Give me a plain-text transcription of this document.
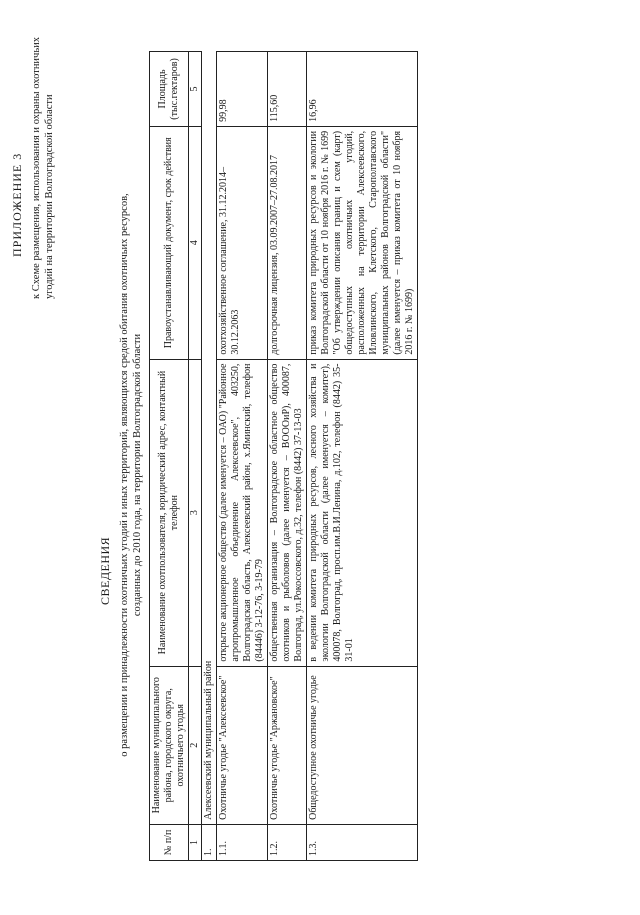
ПРИЛОЖЕНИЕ 3 к Схеме размещения, использования и охраны охотничьих угодий на территории Волгоградской области
СВЕДЕНИЯ о размещении и принадлежности охотничьих угодий и иных территорий, являющихся средой обитания охотничьих ресурсов, созданных до 2010 года, на территории Волгоградской области
№ п/п	Наименование муниципального района, городского округа, охотничьего угодья	Наименование охотпользователя, юридический адрес, контактный телефон	Правоустанавливающий документ, срок действия	Площадь (тыс.гектаров)
1	2	3	4	5
1.	Алексеевский муниципальный район			
1.1.	Охотничье угодье "Алексеевское"	открытое акционерное общество (далее именуется – ОАО) "Районное агропромышленное объединение Алексеевское", 403250, Волгоградская область, Алексеевский район, х.Яминский, телефон (84446) 3-12-76, 3-19-79	охотхозяйственное соглашение, 31.12.2014–30.12.2063	99,98
1.2.	Охотничье угодье "Аржановское"	общественная организация – Волгоградское областное общество охотников и рыболовов (далее именуется – ВОООиР), 400087, Волгоград, ул.Рокоссовского, д.32, телефон (8442) 37-13-03	долгосрочная лицензия, 03.09.2007–27.08.2017	115,60
1.3.	Общедоступное охотничье угодье	в ведении комитета природных ресурсов, лесного хозяйства и экологии Волгоградской области (далее именуется – комитет), 400078, Волгоград, просп.им.В.И.Ленина, д.102, телефон (8442) 35-31-01	приказ комитета природных ресурсов и экологии Волгоградской области от 10 ноября 2016 г. № 1699 "Об утверждении описания границ и схем (карт) общедоступных охотничьих угодий, расположенных на территории Алексеевского, Иловлинского, Клетского, Старополтавского муниципальных районов Волгоградской области" (далее именуется – приказ комитета от 10 ноября 2016 г. № 1699)	16,96
